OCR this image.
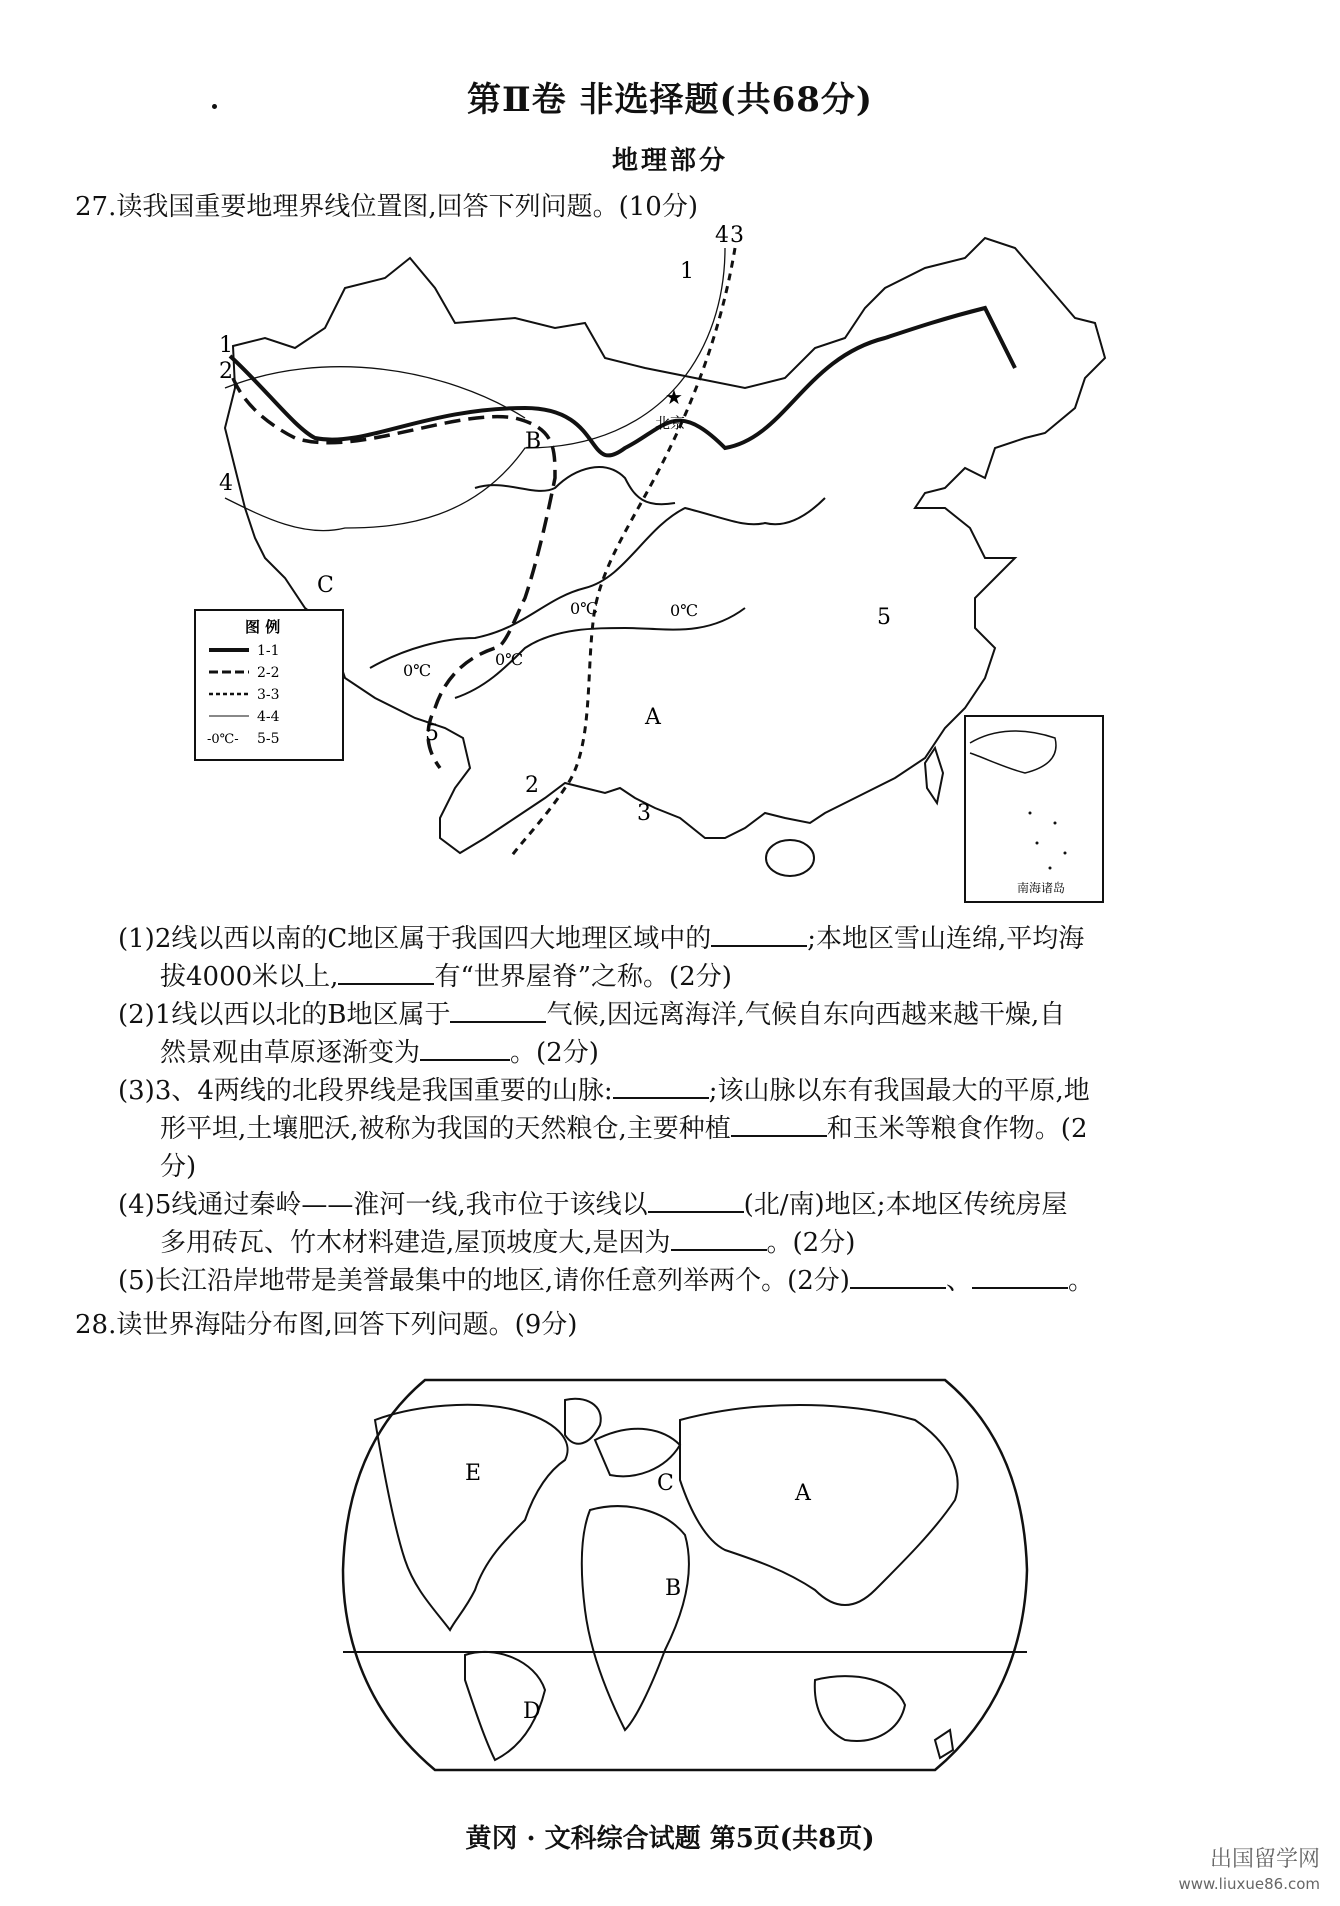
第Ⅱ卷 非选择题(共68分)
地理部分
27.读我国重要地理界线位置图,回答下列问题。(10分)
1
2
4
5
2
3
4 3
1
5
A
B
C
0℃
0℃
0℃
0℃
★
北京
图 例
1-1
2-2
3-3
4-4
-0℃- 5-5
南海诸岛
(1)2线以西以南的C地区属于我国四大地理区域中的	;本地区雪山连绵,平均海
拔4000米以上,	有“世界屋脊”之称。(2分)
(2)1线以西以北的B地区属于	气候,因远离海洋,气候自东向西越来越干燥,自
然景观由草原逐渐变为	。(2分)
(3)3、4两线的北段界线是我国重要的山脉:	;该山脉以东有我国最大的平原,地
形平坦,土壤肥沃,被称为我国的天然粮仓,主要种植	和玉米等粮食作物。(2
分)
(4)5线通过秦岭——淮河一线,我市位于该线以	(北/南)地区;本地区传统房屋
多用砖瓦、竹木材料建造,屋顶坡度大,是因为	。(2分)
(5)长江沿岸地带是美誉最集中的地区,请你任意列举两个。(2分)	、	。
28.读世界海陆分布图,回答下列问题。(9分)
A
B
C
D
E
黄冈 · 文科综合试题 第5页(共8页)
出国留学网
www.liuxue86.com
